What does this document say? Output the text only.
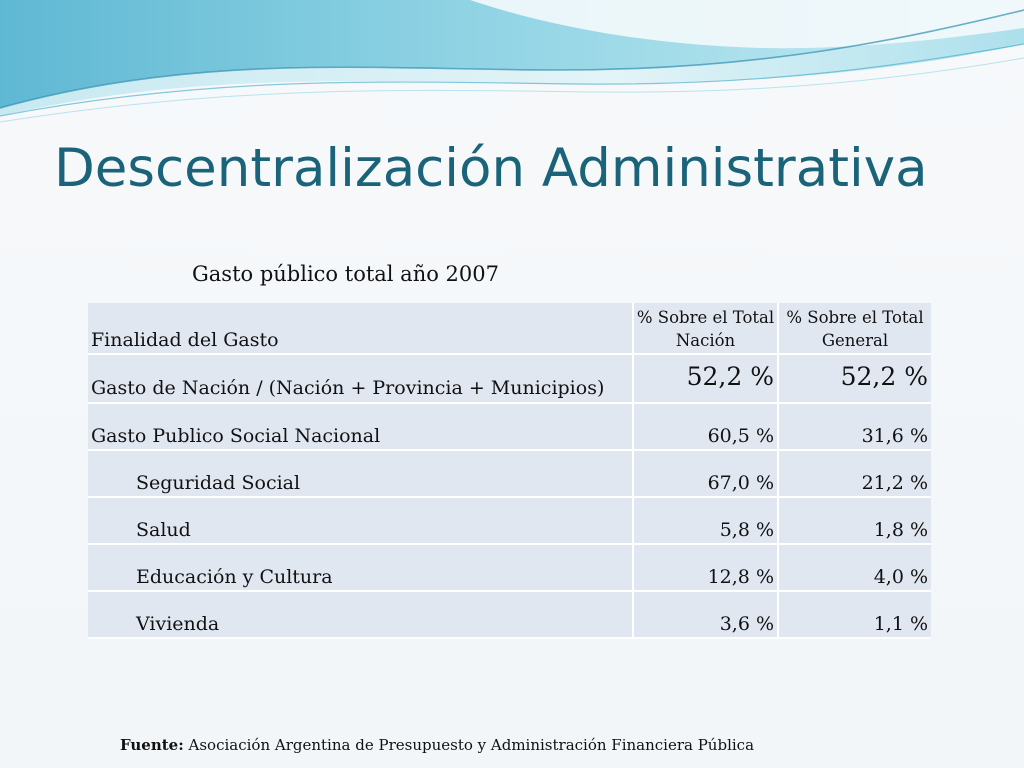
Descentralización Administrativa
Gasto público total año 2007
Finalidad del Gasto	% Sobre el Total Nación	% Sobre el Total General
Gasto de Nación / (Nación + Provincia + Municipios)	52,2 %	52,2 %
Gasto Publico Social Nacional	60,5 %	31,6 %
Seguridad Social	67,0 %	21,2 %
Salud	5,8 %	1,8 %
Educación y Cultura	12,8 %	4,0 %
Vivienda	3,6 %	1,1 %
Fuente: Asociación Argentina de Presupuesto y Administración Financiera Pública
